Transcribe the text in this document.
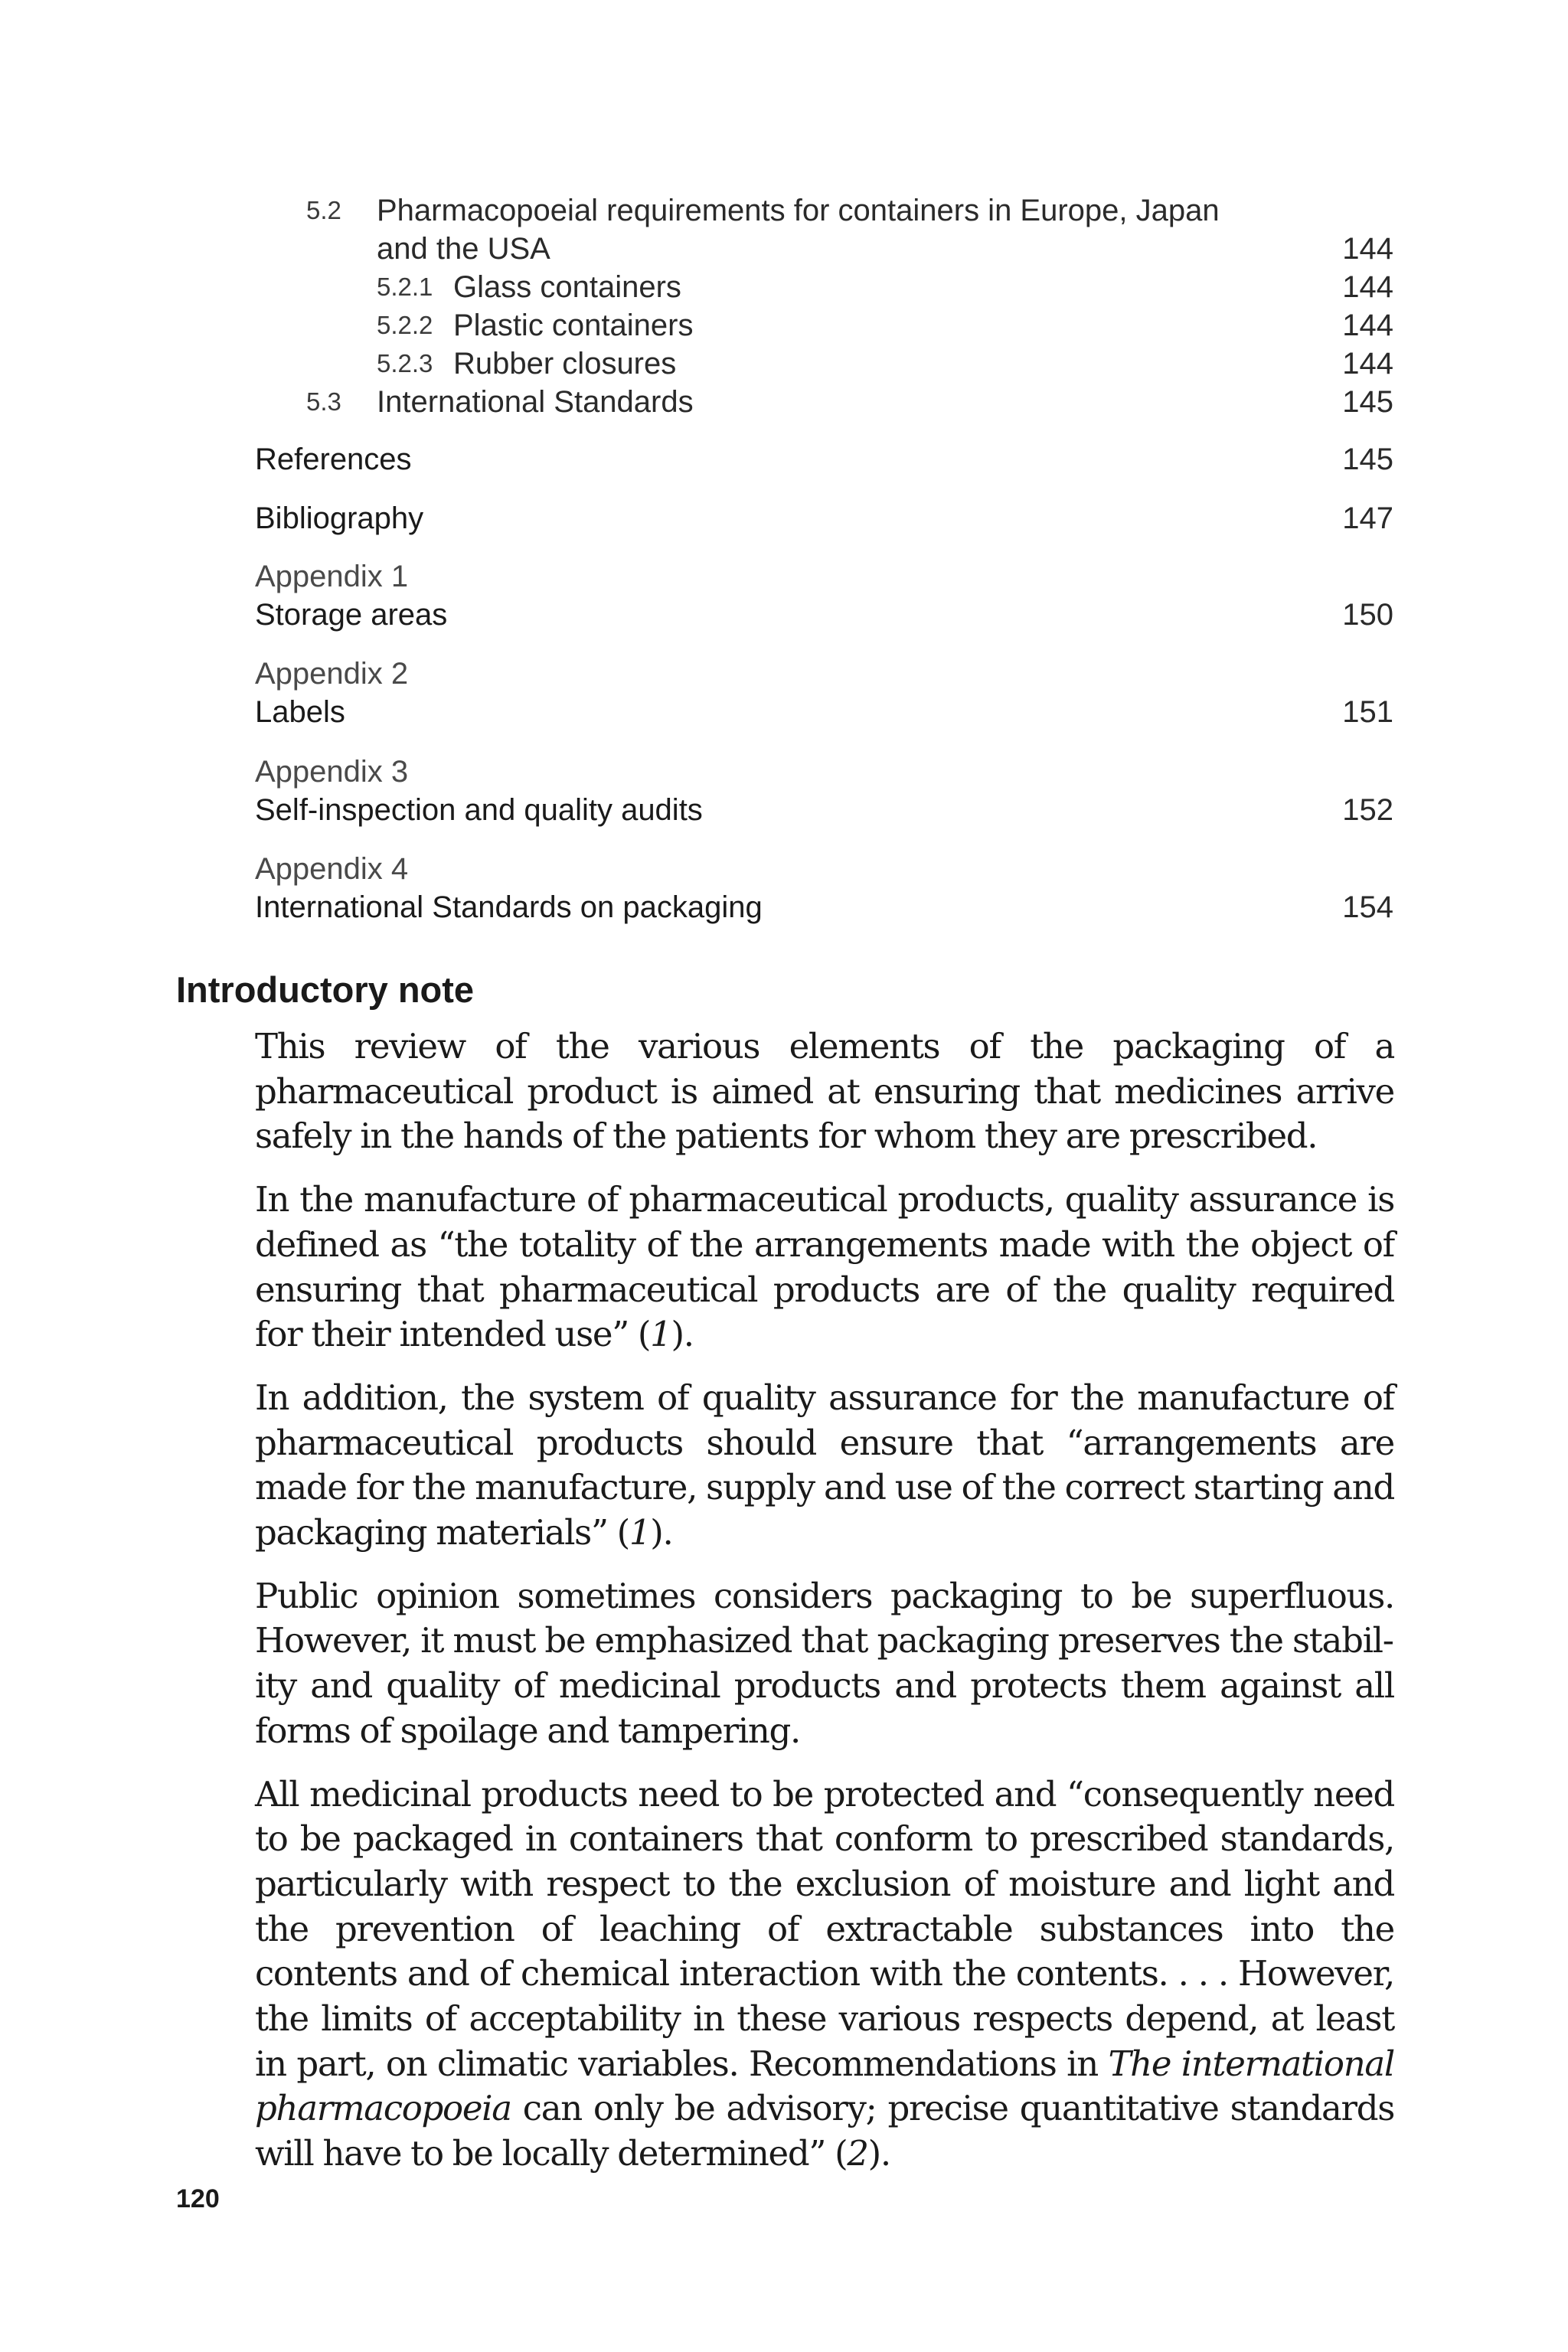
5.2 Pharmacopoeial requirements for containers in Europe, Japan
and the USA	144
5.2.1 Glass containers	144
5.2.2 Plastic containers	144
5.2.3 Rubber closures	144
5.3 International Standards	145
References	145
Bibliography	147
Appendix 1
Storage areas	150
Appendix 2
Labels	151
Appendix 3
Self-inspection and quality audits	152
Appendix 4
International Standards on packaging	154
Introductory note

This review of the various elements of the packaging of a pharmaceutical product is aimed at ensuring that medicines arrive safely in the hands of the patients for whom they are prescribed.

In the manufacture of pharmaceutical products, quality assurance is defined as “the totality of the arrangements made with the object of ensuring that pharmaceutical products are of the quality required for their intended use” (1).

In addition, the system of quality assurance for the manufacture of pharmaceutical products should ensure that “arrangements are made for the manufacture, supply and use of the correct starting and packaging materials” (1).

Public opinion sometimes considers packaging to be superfluous. However, it must be emphasized that packaging preserves the stability and quality of medicinal products and protects them against all forms of spoilage and tampering.

All medicinal products need to be protected and “consequently need to be packaged in containers that conform to prescribed standards, particularly with respect to the exclusion of moisture and light and the prevention of leaching of extractable substances into the contents and of chemical interaction with the contents. . . . However, the limits of acceptability in these various respects depend, at least in part, on climatic variables. Recommendations in The international pharmacopoeia can only be advisory; precise quantitative standards will have to be locally determined” (2).

120
